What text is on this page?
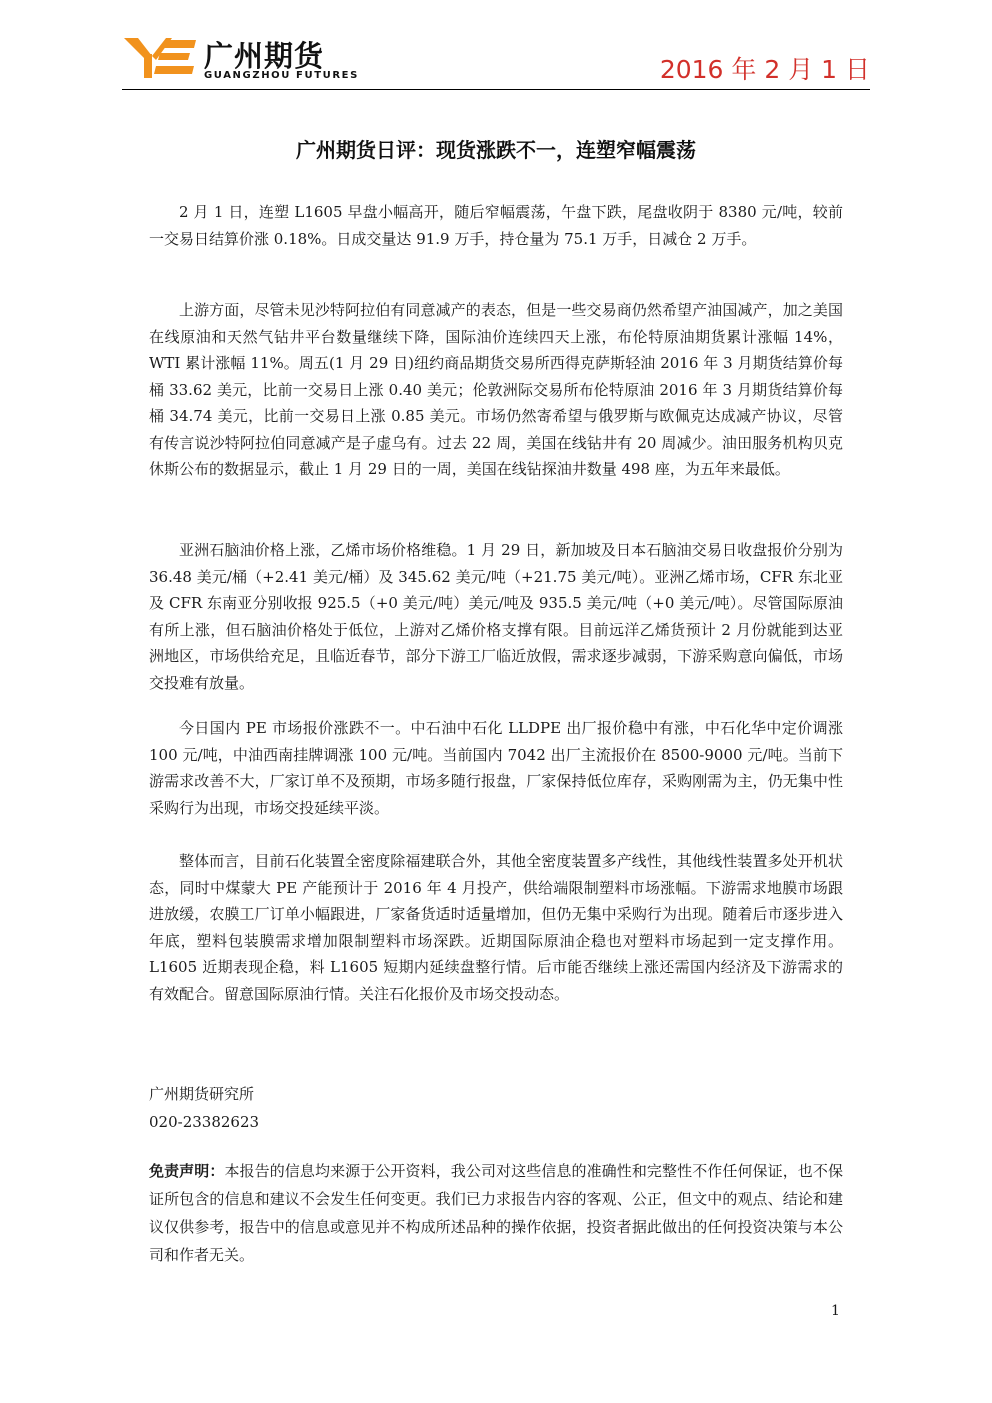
广州期货
GUANGZHOU FUTURES	2016 年 2 月 1 日
广州期货日评：现货涨跌不一，连塑窄幅震荡

2 月 1 日，连塑 L1605 早盘小幅高开，随后窄幅震荡，午盘下跌，尾盘收阴于 8380 元/吨，较前一交易日结算价涨 0.18%。日成交量达 91.9 万手，持仓量为 75.1 万手，日减仓 2 万手。

上游方面，尽管未见沙特阿拉伯有同意减产的表态，但是一些交易商仍然希望产油国减产，加之美国在线原油和天然气钻井平台数量继续下降，国际油价连续四天上涨，布伦特原油期货累计涨幅 14%，WTI 累计涨幅 11%。周五(1 月 29 日)纽约商品期货交易所西得克萨斯轻油 2016 年 3 月期货结算价每桶 33.62 美元，比前一交易日上涨 0.40 美元；伦敦洲际交易所布伦特原油 2016 年 3 月期货结算价每桶 34.74 美元，比前一交易日上涨 0.85 美元。市场仍然寄希望与俄罗斯与欧佩克达成减产协议，尽管有传言说沙特阿拉伯同意减产是子虚乌有。过去 22 周，美国在线钻井有 20 周减少。油田服务机构贝克休斯公布的数据显示，截止 1 月 29 日的一周，美国在线钻探油井数量 498 座，为五年来最低。

亚洲石脑油价格上涨，乙烯市场价格维稳。1 月 29 日，新加坡及日本石脑油交易日收盘报价分别为 36.48 美元/桶（+2.41 美元/桶）及 345.62 美元/吨（+21.75 美元/吨）。亚洲乙烯市场，CFR 东北亚及 CFR 东南亚分别收报 925.5（+0 美元/吨）美元/吨及 935.5 美元/吨（+0 美元/吨）。尽管国际原油有所上涨，但石脑油价格处于低位，上游对乙烯价格支撑有限。目前远洋乙烯货预计 2 月份就能到达亚洲地区，市场供给充足，且临近春节，部分下游工厂临近放假，需求逐步减弱，下游采购意向偏低，市场交投难有放量。

今日国内 PE 市场报价涨跌不一。中石油中石化 LLDPE 出厂报价稳中有涨，中石化华中定价调涨 100 元/吨，中油西南挂牌调涨 100 元/吨。当前国内 7042 出厂主流报价在 8500-9000 元/吨。当前下游需求改善不大，厂家订单不及预期，市场多随行报盘，厂家保持低位库存，采购刚需为主，仍无集中性采购行为出现，市场交投延续平淡。

整体而言，目前石化装置全密度除福建联合外，其他全密度装置多产线性，其他线性装置多处开机状态，同时中煤蒙大 PE 产能预计于 2016 年 4 月投产，供给端限制塑料市场涨幅。下游需求地膜市场跟进放缓，农膜工厂订单小幅跟进，厂家备货适时适量增加，但仍无集中采购行为出现。随着后市逐步进入年底，塑料包装膜需求增加限制塑料市场深跌。近期国际原油企稳也对塑料市场起到一定支撑作用。L1605 近期表现企稳，料 L1605 短期内延续盘整行情。后市能否继续上涨还需国内经济及下游需求的有效配合。留意国际原油行情。关注石化报价及市场交投动态。

广州期货研究所
020-23382623

免责声明：本报告的信息均来源于公开资料，我公司对这些信息的准确性和完整性不作任何保证，也不保证所包含的信息和建议不会发生任何变更。我们已力求报告内容的客观、公正，但文中的观点、结论和建议仅供参考，报告中的信息或意见并不构成所述品种的操作依据，投资者据此做出的任何投资决策与本公司和作者无关。

1
